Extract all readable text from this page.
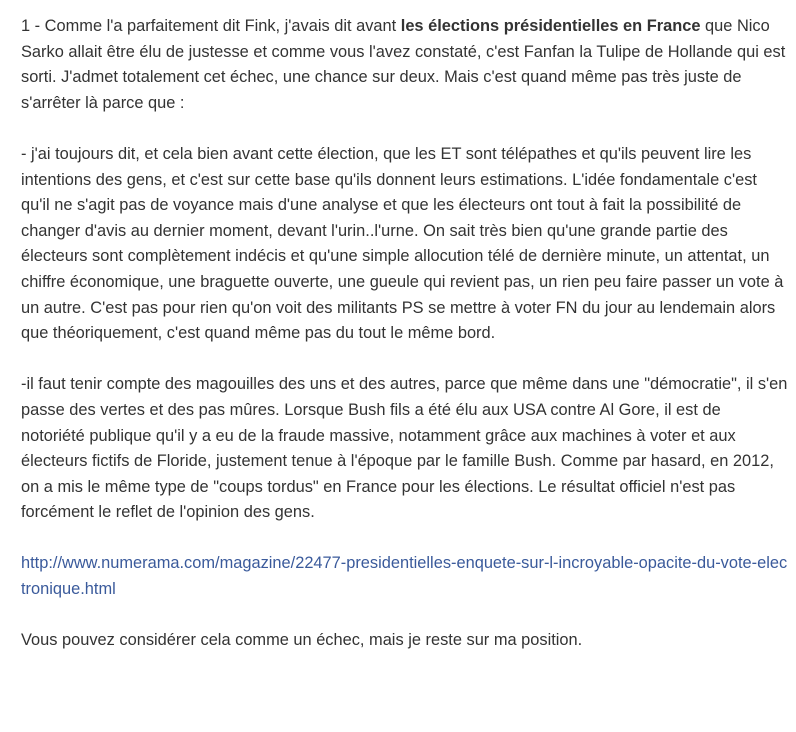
1 - Comme l'a parfaitement dit Fink, j'avais dit avant les élections présidentielles en France que Nico Sarko allait être élu de justesse et comme vous l'avez constaté, c'est Fanfan la Tulipe de Hollande qui est sorti. J'admet totalement cet échec, une chance sur deux. Mais c'est quand même pas très juste de s'arrêter là parce que :

- j'ai toujours dit, et cela bien avant cette élection, que les ET sont télépathes et qu'ils peuvent lire les intentions des gens, et c'est sur cette base qu'ils donnent leurs estimations. L'idée fondamentale c'est qu'il ne s'agit pas de voyance mais d'une analyse et que les électeurs ont tout à fait la possibilité de changer d'avis au dernier moment, devant l'urin..l'urne. On sait très bien qu'une grande partie des électeurs sont complètement indécis et qu'une simple allocution télé de dernière minute, un attentat, un chiffre économique, une braguette ouverte, une gueule qui revient pas, un rien peu faire passer un vote à un autre. C'est pas pour rien qu'on voit des militants PS se mettre à voter FN du jour au lendemain alors que théoriquement, c'est quand même pas du tout le même bord.

-il faut tenir compte des magouilles des uns et des autres, parce que même dans une "démocratie", il s'en passe des vertes et des pas mûres. Lorsque Bush fils a été élu aux USA contre Al Gore, il est de notoriété publique qu'il y a eu de la fraude massive, notamment grâce aux machines à voter et aux électeurs fictifs de Floride, justement tenue à l'époque par le famille Bush. Comme par hasard, en 2012, on a mis le même type de "coups tordus" en France pour les élections. Le résultat officiel n'est pas forcément le reflet de l'opinion des gens.

http://www.numerama.com/magazine/22477-presidentielles-enquete-sur-l-incroyable-opacite-du-vote-electronique.html

Vous pouvez considérer cela comme un échec, mais je reste sur ma position.
